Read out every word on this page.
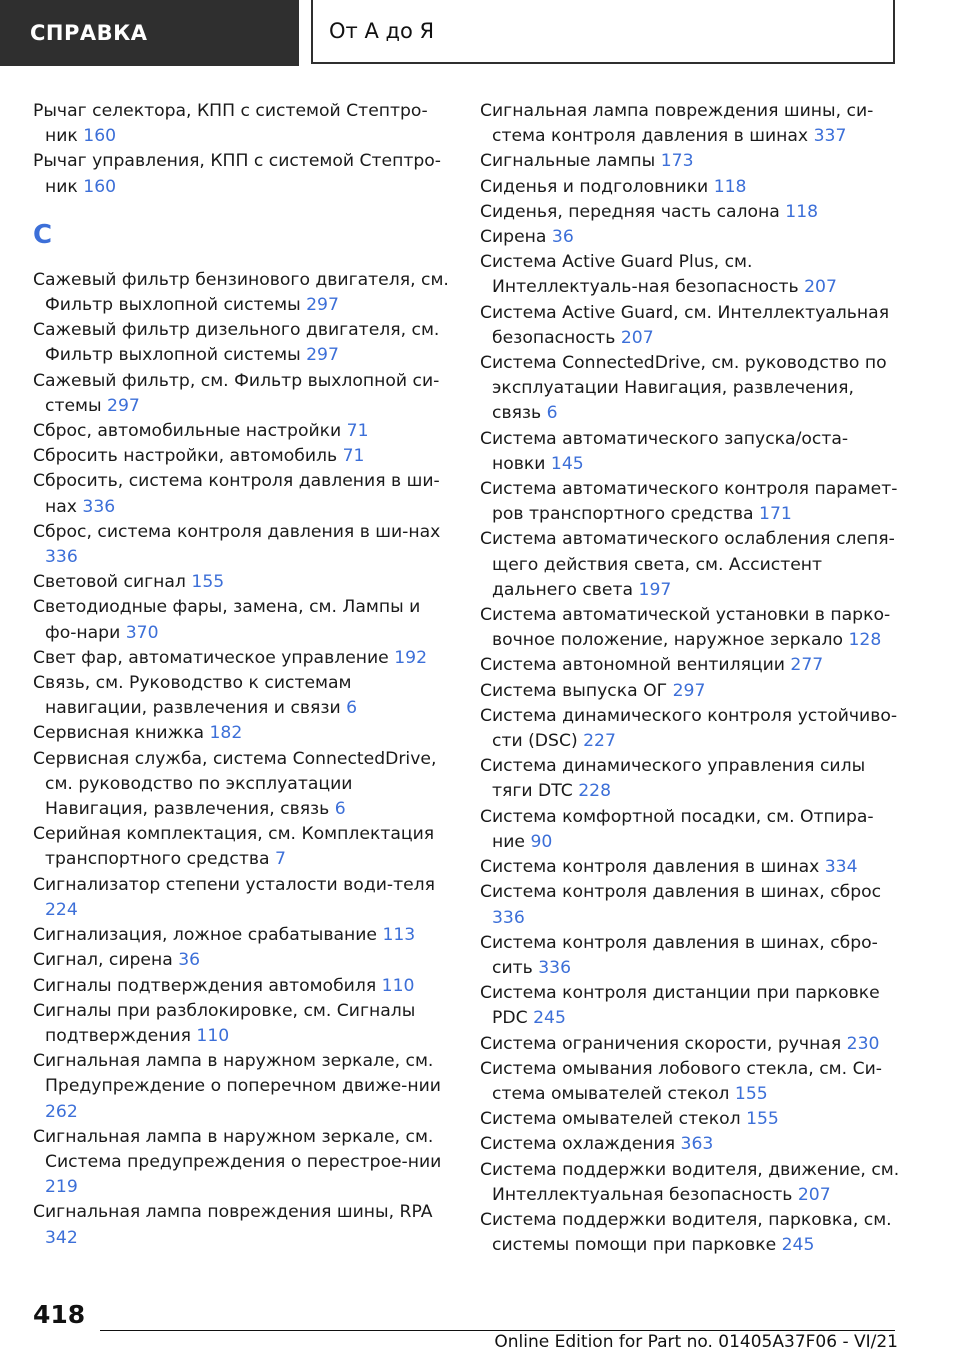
СПРАВКА	От А до Я
Рычаг селектора, КПП с системой Стептро-ник 160
Рычаг управления, КПП с системой Стептро-ник 160
С
Сажевый фильтр бензинового двигателя, см. Фильтр выхлопной системы 297
Сажевый фильтр дизельного двигателя, см. Фильтр выхлопной системы 297
Сажевый фильтр, см. Фильтр выхлопной си-стемы 297
Сброс, автомобильные настройки 71
Сбросить настройки, автомобиль 71
Сбросить, система контроля давления в ши-нах 336
Сброс, система контроля давления в ши-нах 336
Световой сигнал 155
Светодиодные фары, замена, см. Лампы и фо-нари 370
Свет фар, автоматическое управление 192
Связь, см. Руководство к системам навигации, развлечения и связи 6
Сервисная книжка 182
Сервисная служба, система ConnectedDrive, см. руководство по эксплуатации Навигация, развлечения, связь 6
Серийная комплектация, см. Комплектация транспортного средства 7
Сигнализатор степени усталости води-теля 224
Сигнализация, ложное срабатывание 113
Сигнал, сирена 36
Сигналы подтверждения автомобиля 110
Сигналы при разблокировке, см. Сигналы подтверждения 110
Сигнальная лампа в наружном зеркале, см. Предупреждение о поперечном движе-нии 262
Сигнальная лампа в наружном зеркале, см. Система предупреждения о перестрое-нии 219
Сигнальная лампа повреждения шины, RPA 342
Сигнальная лампа повреждения шины, си-стема контроля давления в шинах 337
Сигнальные лампы 173
Сиденья и подголовники 118
Сиденья, передняя часть салона 118
Сирена 36
Система Active Guard Plus, см. Интеллектуаль-ная безопасность 207
Система Active Guard, см. Интеллектуальная безопасность 207
Система ConnectedDrive, см. руководство по эксплуатации Навигация, развлечения, связь 6
Система автоматического запуска/оста-новки 145
Система автоматического контроля парамет-ров транспортного средства 171
Система автоматического ослабления слепя-щего действия света, см. Ассистент дальнего света 197
Система автоматической установки в парко-вочное положение, наружное зеркало 128
Система автономной вентиляции 277
Система выпуска ОГ 297
Система динамического контроля устойчиво-сти (DSC) 227
Система динамического управления силы тяги DTC 228
Система комфортной посадки, см. Отпира-ние 90
Система контроля давления в шинах 334
Система контроля давления в шинах, сброс 336
Система контроля давления в шинах, сбро-сить 336
Система контроля дистанции при парковке PDC 245
Система ограничения скорости, ручная 230
Система омывания лобового стекла, см. Си-стема омывателей стекол 155
Система омывателей стекол 155
Система охлаждения 363
Система поддержки водителя, движение, см. Интеллектуальная безопасность 207
Система поддержки водителя, парковка, см. системы помощи при парковке 245
418
Online Edition for Part no. 01405A37F06 - VI/21
